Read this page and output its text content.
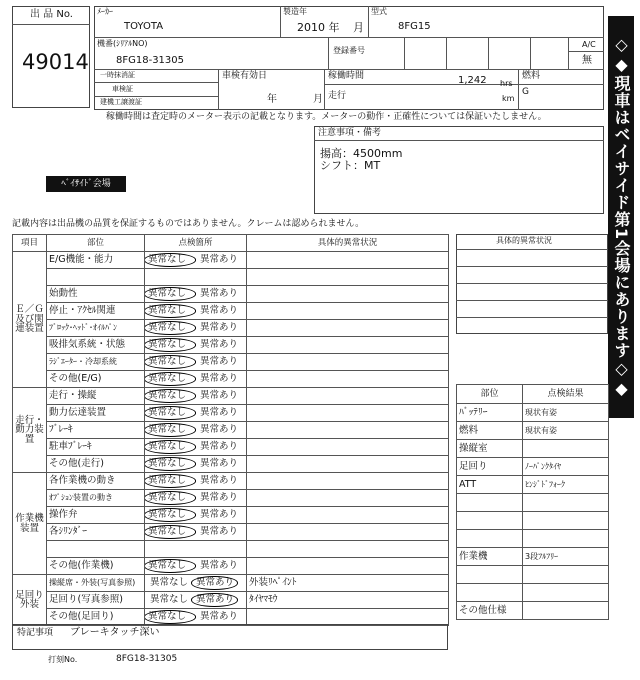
出 品 No.
49014
ﾒｰｶｰ
TOYOTA
製造年
2010 年 月
型式
8FG15
機番(ｼﾘｱﾙNO)
8FG18-31305
登録番号
A/C
無
一時抹消証
車検証
建機工譲渡証
車検有効日
年	月
稼働時間	1,242 hrs
走行	km
燃料
G
稼働時間は査定時のメーター表示の記載となります。メーターの動作・正確性については保証いたしません。
注意事項・備考
揚高：4500mm
シフト：MT
ﾍﾞｲｻｲﾄﾞ会場	◇◆現車はベイサイド第1会場にあります◇◆
記載内容は出品機の品質を保証するものではありません。クレームは認められません。
項目	部位	点検箇所	具体的異常状況
Ｅ／Ｇ及び関連装置	E/G機能・能力	異常なし 異常あり	

	始動性	異常なし 異常あり	
	停止・ｱｸｾﾙ関連	異常なし 異常あり	
	ﾌﾞﾛｯｸ･ﾍｯﾄﾞ･ｵｲﾙﾊﾟﾝ	異常なし 異常あり	
	吸排気系統・状態	異常なし 異常あり	
	ﾗｼﾞｴｰﾀｰ・冷却系統	異常なし 異常あり	
	その他(E/G)	異常なし 異常あり	
走行・動力装置	走行・操縦	異常なし 異常あり	
	動力伝達装置	異常なし 異常あり	
	ﾌﾞﾚｰｷ	異常なし 異常あり	
	駐車ﾌﾞﾚｰｷ	異常なし 異常あり	
	その他(走行)	異常なし 異常あり	
作業機装置	各作業機の動き	異常なし 異常あり	
	ｵﾌﾟｼｮﾝ装置の動き	異常なし 異常あり	
	操作弁	異常なし 異常あり	
	各ｼﾘﾝﾀﾞｰ	異常なし 異常あり	

	その他(作業機)	異常なし 異常あり	
足回り外装	操縦席・外装(写真参照)	異常なし 異常あり	外装ﾘﾍﾟｲﾝﾄ
	足回り(写真参照)	異常なし 異常あり	ﾀｲﾔﾏﾓｳ
	その他(足回り)	異常なし 異常あり	
具体的異常状況
部位	点検結果
ﾊﾞｯﾃﾘｰ	現状有姿
燃料	現状有姿
操縦室	
足回り	ﾉｰﾊﾟﾝｸﾀｲﾔ
ATT	ﾋﾝｼﾞﾄﾞﾌｫｰｸ

作業機	3段ﾌﾙﾌﾘｰ

その他仕様	
特記事項 ブレーキタッチ深い
打刻No.	8FG18-31305
